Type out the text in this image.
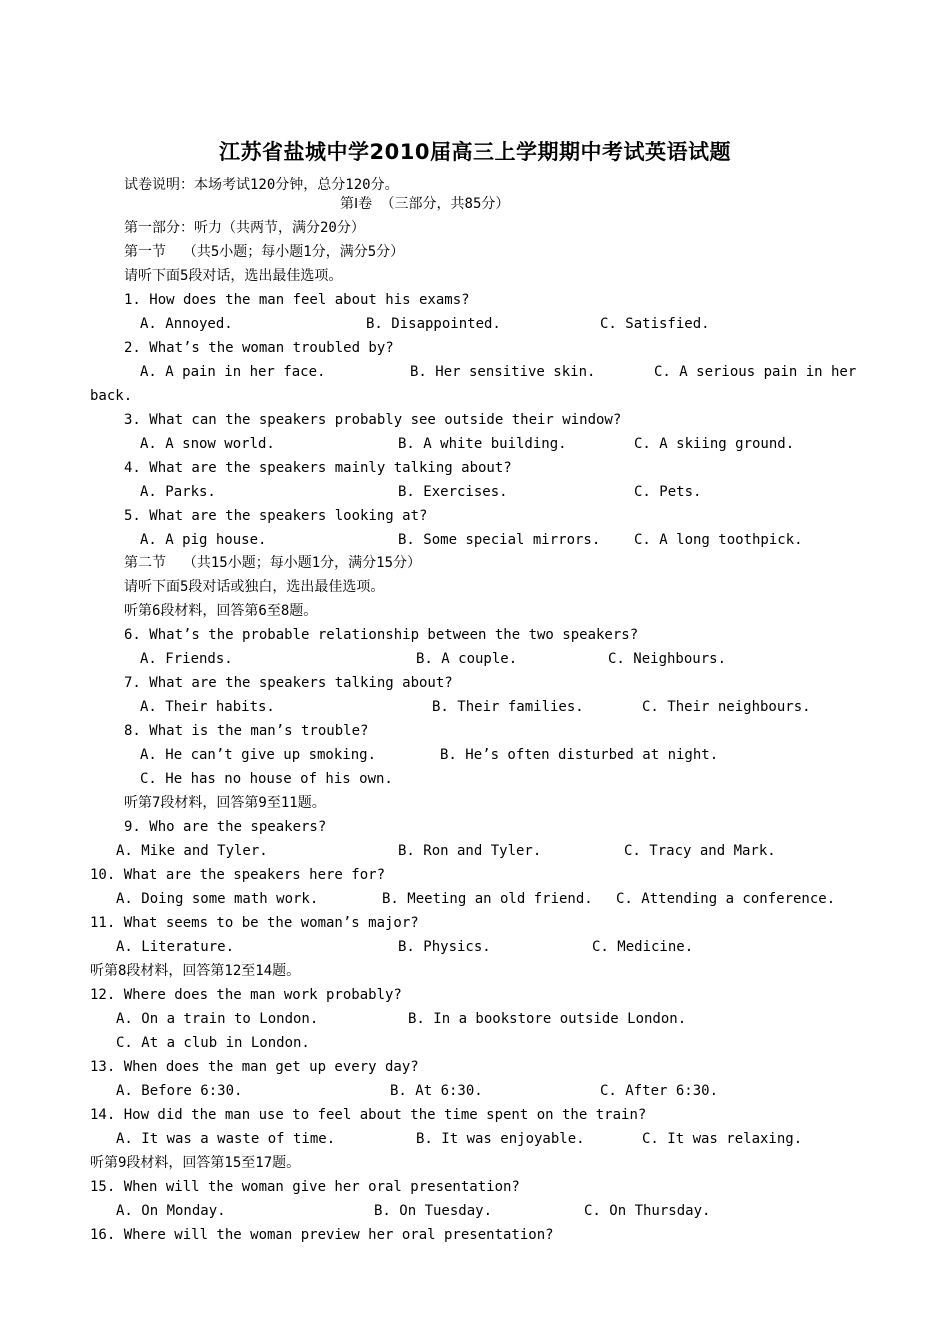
江苏省盐城中学2010届高三上学期期中考试英语试题
试卷说明：本场考试120分钟，总分120分。
第Ⅰ卷 （三部分，共85分）
第一部分：听力（共两节，满分20分）
第一节  （共5小题；每小题1分，满分5分）
请听下面5段对话，选出最佳选项。
1. How does the man feel about his exams?
A. Annoyed.	B. Disappointed.	C. Satisfied.
2. What’s the woman troubled by?
A. A pain in her face.	B. Her sensitive skin.	C. A serious pain in her
back.
3. What can the speakers probably see outside their window?
A. A snow world.	B. A white building.	C. A skiing ground.
4. What are the speakers mainly talking about?
A. Parks.	B. Exercises.	C. Pets.
5. What are the speakers looking at?
A. A pig house.	B. Some special mirrors. C. A long toothpick.
第二节  （共15小题；每小题1分，满分15分）
请听下面5段对话或独白，选出最佳选项。
听第6段材料，回答第6至8题。
6. What’s the probable relationship between the two speakers?
A. Friends.	B. A couple.	C. Neighbours.
7. What are the speakers talking about?
A. Their habits.	B. Their families.	C. Their neighbours.
8. What is the man’s trouble?
A. He can’t give up smoking.	B. He’s often disturbed at night.
C. He has no house of his own.
听第7段材料，回答第9至11题。
9. Who are the speakers?
A. Mike and Tyler.	B. Ron and Tyler.	C. Tracy and Mark.
10. What are the speakers here for?
A. Doing some math work.	B. Meeting an old friend. C. Attending a conference.
11. What seems to be the woman’s major?
A. Literature.	B. Physics.	C. Medicine.
听第8段材料，回答第12至14题。
12. Where does the man work probably?
A. On a train to London.	B. In a bookstore outside London.
C. At a club in London.
13. When does the man get up every day?
A. Before 6:30.	B. At 6:30.	C. After 6:30.
14. How did the man use to feel about the time spent on the train?
A. It was a waste of time.	B. It was enjoyable.	C. It was relaxing.
听第9段材料，回答第15至17题。
15. When will the woman give her oral presentation?
A. On Monday.	B. On Tuesday.	C. On Thursday.
16. Where will the woman preview her oral presentation?
